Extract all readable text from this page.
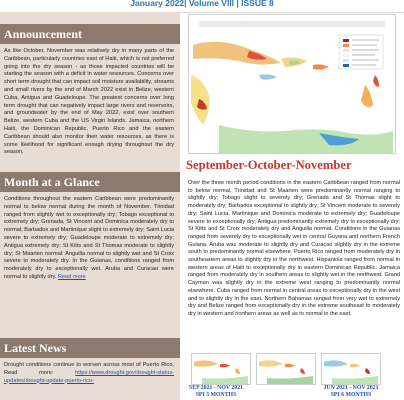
January 2022| Volume VIII | ISSUE 8
Announcement
As like October, November was relatively dry in many parts of the Caribbean, particularly countries east of Haiti, which is not preferred going into the dry season - as those impacted countries will be starting the season with a deficit in water resources. Concerns over short term drought that can impact soil moisture availability, streams and small rivers by the end of March 2022 exist in Belize, western Cuba, Antigua and Guadeloupe. The greatest concerns over long term drought that can negatively impact large rivers and reservoirs, and groundwater by the end of May 2022, exist over southern Belize, western Cuba and the US Virgin Islands. Jamaica, northern Haiti, the Dominican Republic, Puerto Rico and the eastern Caribbean should also monitor their water resources, as there is some likelihood for significant enough drying throughout the dry season.
Month at a Glance
Conditions throughout the eastern Caribbean were predominantly normal to below normal during the month of November. Trinidad ranged from slightly wet to exceptionally dry; Tobago exceptional to extremely dry; Grenada, St Vincent and Dominica moderately dry to normal; Barbados and Martinique slight to extremely dry; Saint Lucia severe to extremely dry; Guadeloupe moderate to extremely dry; Antigua extremely dry; St Kitts and St Thomas moderate to slightly dry; St Maarten normal: Anguilla normal to slightly wet and St Croix severe to moderately dry. In the Guianas, conditions ranged from moderately dry to exceptionally wet. Aruba and Curacao were normal to slightly dry. Read more
Latest News
Drought conditions continue to worsen across most of Puerto Rico, Read more:	https://www.drought.gov/drought-status-updates/drought-update-puerto-rico-
September-October-November
Over the three month period conditions in the eastern Caribbean ranged from normal to below normal. Trinidad and St Maarten were predominantly normal ranging to slightly dry; Tobago slight to severely dry; Grenada and St Thomas slight to moderately dry; Barbados exceptional to slightly dry; St Vincent moderate to severely dry; Saint Lucia, Martinique and Dominica moderate to extremely dry; Guadeloupe severe to exceptionally dry; Antigua predominantly extremely dry to exceptionally dry; St Kitts and St Croix moderately dry and Anguilla normal. Conditions in the Guianas ranged from severely dry to exceptionally wet in central Guyana and northern French Guiana. Aruba was moderate to slightly dry and Curacao slightly dry in the extreme south to predominantly normal elsewhere. Puerto Rico ranged from moderately dry in southeastern areas to slightly dry in the northwest. Hispaniola ranged from normal in western areas of Haiti to exceptionally dry in eastern Dominican Republic. Jamaica ranged from moderately dry in southern areas to slightly wet in the northwest. Grand Cayman was slightly dry in the extreme west ranging to predominantly normal elsewhere. Cuba ranged from normal in central areas to exceptionally dry in the west and to slightly dry in the east. Northern Bahamas ranged from very wet to extremely dry and Belize ranged from exceptionally dry in the extreme southeast to moderately dry in western and northern areas as well as to normal in the east.
SEP 2021 - NOV 2021
SPI 3 MONTHS
JUN 2021 - NOV 2021
SPI 6 MONTHS
